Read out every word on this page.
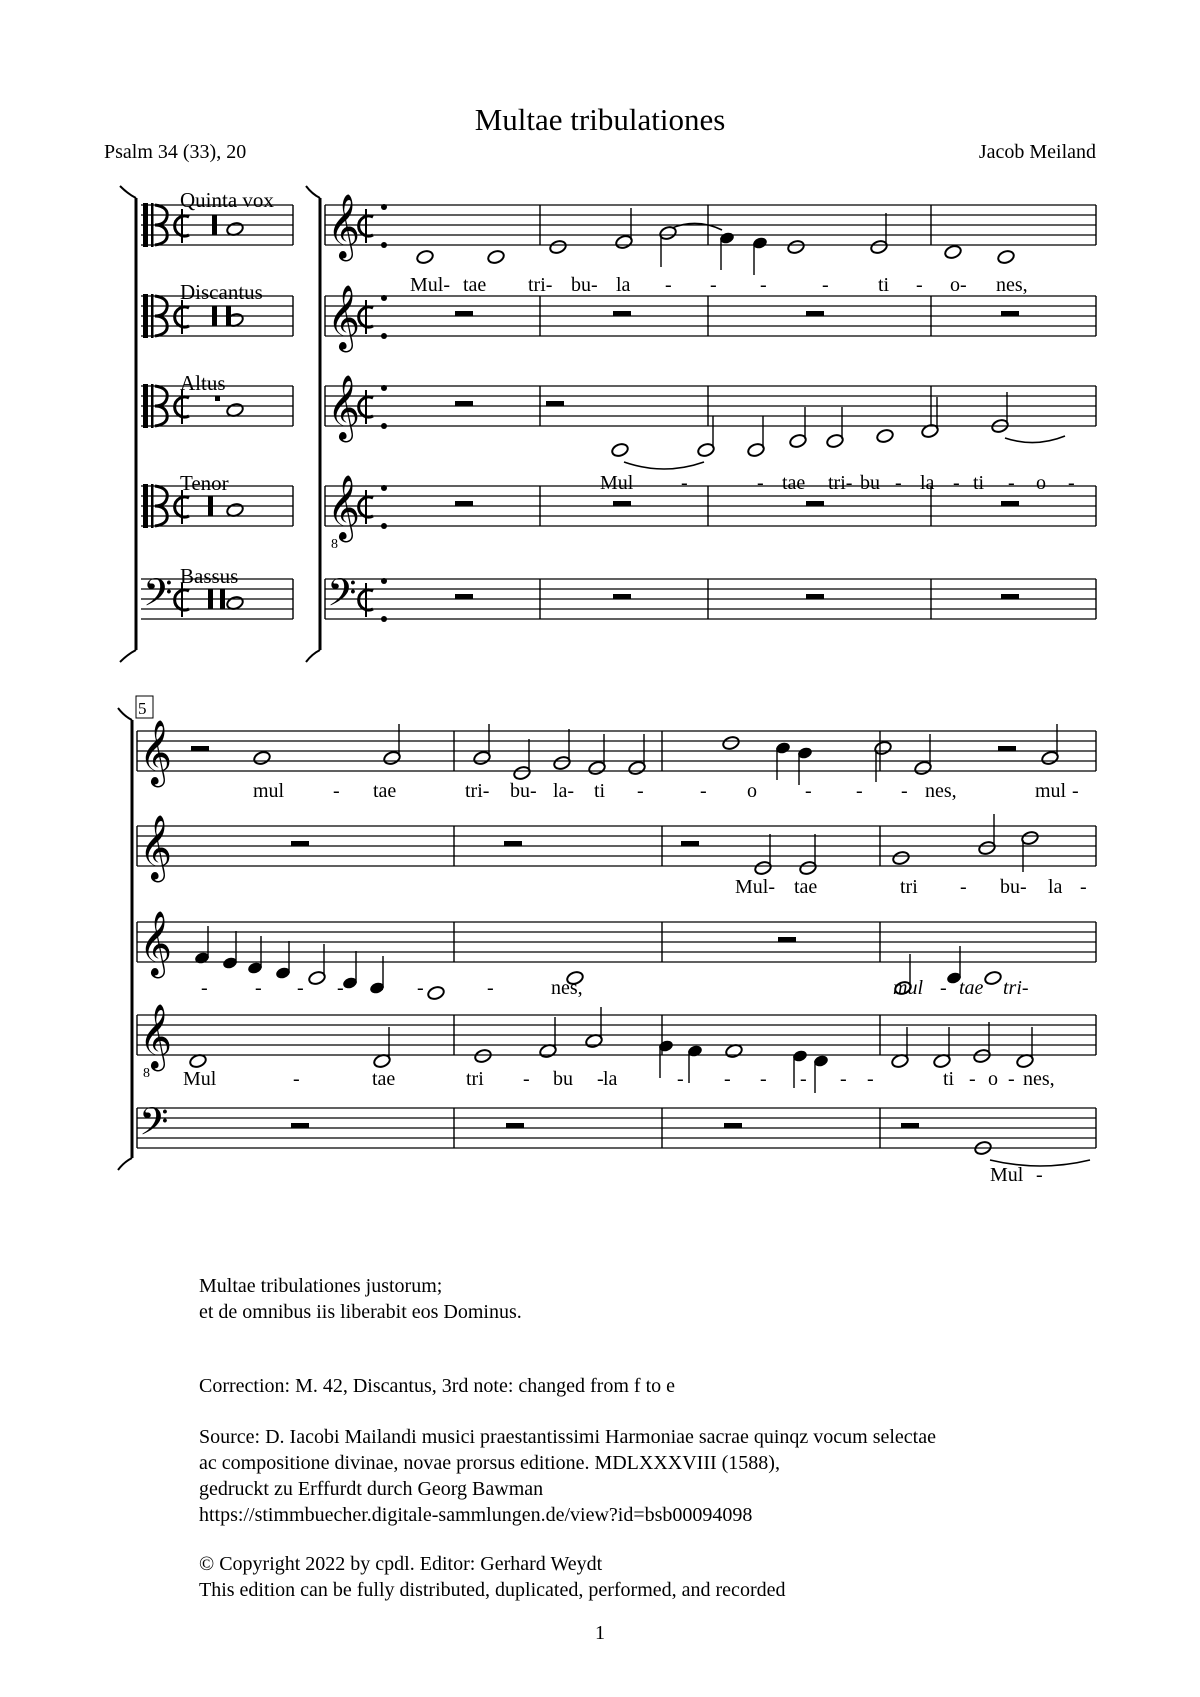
Multae tribulationes
Psalm 34 (33), 20	Jacob Meiland
Quinta vox
Discantus
Altus
Tenor
Bassus
5
𝄢
𝄞
𝄞
𝄞
𝄞
8
𝄢
𝄞
𝄞
𝄞
𝄞
8
𝄢
Mul- tae tri- bu- la - - -	- ti - o- nes,
Mul -	- tae tri- bu - la - ti - o -
mul - tae	tri- bu- la- ti -	- o - - - nes,	mul -
Mul- tae	tri - bu- la -
- - - - - -	-	nes,	mul - tae tri-
Mul	-	tae	tri - bu - la	- - - - - -	ti - o - nes,
Mul -
Multae tribulationes justorum;
et de omnibus iis liberabit eos Dominus.
Correction: M. 42, Discantus, 3rd note: changed from f to e
Source: D. Iacobi Mailandi musici praestantissimi Harmoniae sacrae quinqz vocum selectae
ac compositione divinae, novae prorsus editione. MDLXXXVIII (1588),
gedruckt zu Erffurdt durch Georg Bawman
https://stimmbuecher.digitale-sammlungen.de/view?id=bsb00094098
© Copyright 2022 by cpdl. Editor: Gerhard Weydt
This edition can be fully distributed, duplicated, performed, and recorded
1
